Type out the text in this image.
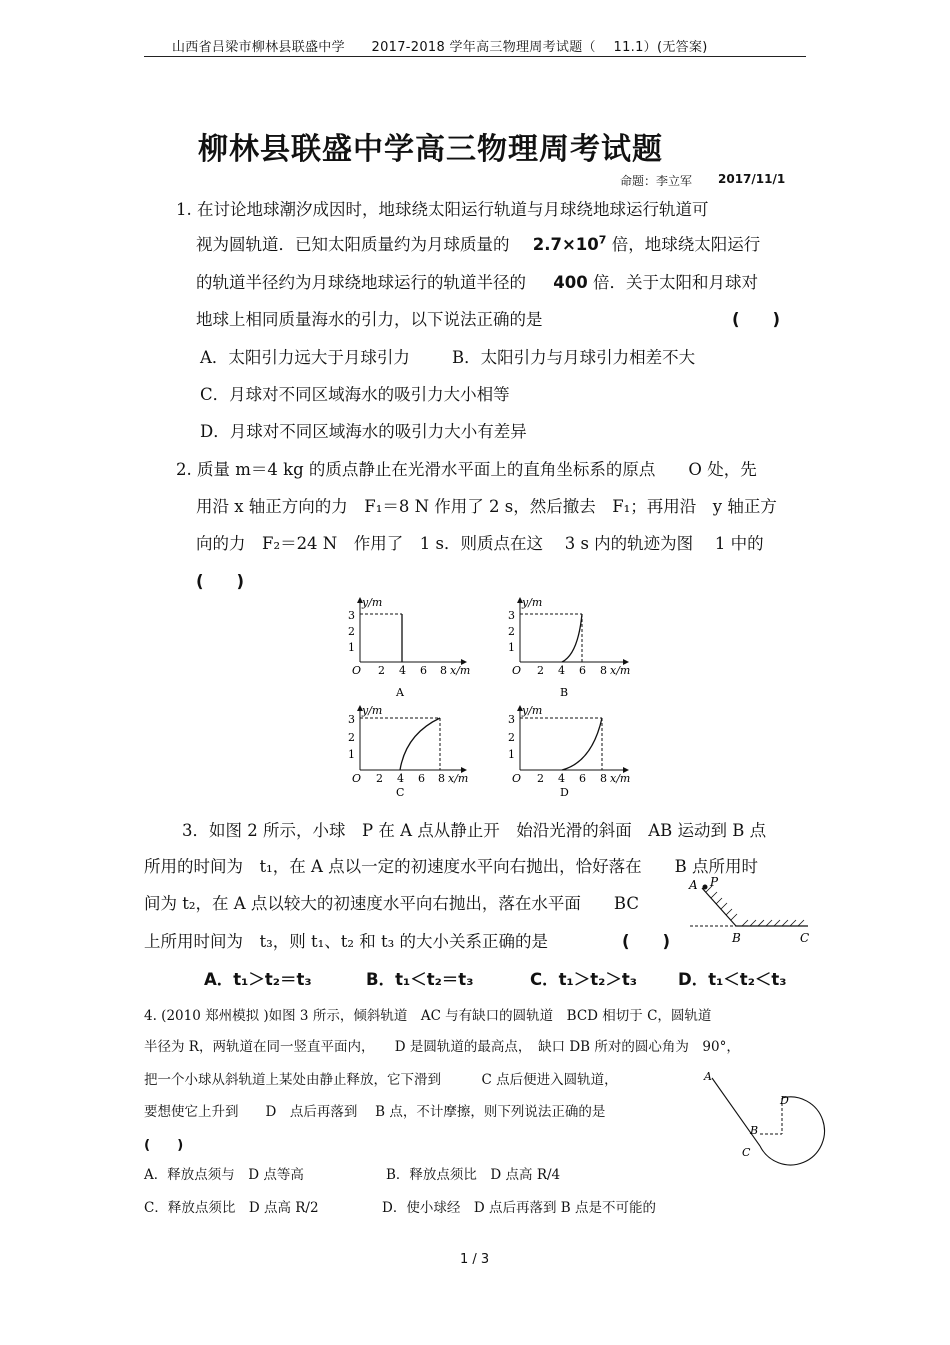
山西省吕梁市柳林县联盛中学　　2017-2018 学年高三物理周考试题（　 11.1）(无答案)
柳林县联盛中学高三物理周考试题
命题：李立军 2017/11/1
1. 在讨论地球潮汐成因时，地球绕太阳运行轨道与月球绕地球运行轨道可
视为圆轨道．已知太阳质量约为月球质量的 $2.7\times 10^7$ 倍，地球绕太阳运行
的轨道半径约为月球绕地球运行的轨道半径的 400 倍．关于太阳和月球对
地球上相同质量海水的引力，以下说法正确的是	(　　)
A．太阳引力远大于月球引力	B．太阳引力与月球引力相差不大
C．月球对不同区域海水的吸引力大小相等
D．月球对不同区域海水的吸引力大小有差异
2. 质量 m＝4 kg 的质点静止在光滑水平面上的直角坐标系的原点　　O 处，先
用沿 x 轴正方向的力　F₁＝8 N 作用了 2 s，然后撤去　F₁；再用沿　y 轴正方
向的力　F₂＝24 N　作用了　1 s．则质点在这　 3 s 内的轨迹为图　 1 中的
(　　)
3
2
1
y/m
O 2 4 6 8 x/m
A
3
2
1
y/m
O 2 4 6 8 x/m
B
3
2
1
y/m
O 2 4 6 8 x/m
C
3
2
1
y/m
O 2 4 6 8 x/m
D
3．如图 2 所示，小球　P 在 A 点从静止开　始沿光滑的斜面　AB 运动到 B 点
所用的时间为　t₁，在 A 点以一定的初速度水平向右抛出，恰好落在　　B 点所用时
间为 t₂，在 A 点以较大的初速度水平向右抛出，落在水平面　　BC
上所用时间为　t₃，则 t₁、t₂ 和 t₃ 的大小关系正确的是	(　　)
A P
B	C
A．t₁＞t₂＝t₃	B．t₁＜t₂＝t₃	C．t₁＞t₂＞t₃ D．t₁＜t₂＜t₃
4. (2010 郑州模拟 )如图 3 所示，倾斜轨道　AC 与有缺口的圆轨道　BCD 相切于 C，圆轨道
半径为 R，两轨道在同一竖直平面内，　　D 是圆轨道的最高点，　缺口 DB 所对的圆心角为　90°，
把一个小球从斜轨道上某处由静止释放，它下滑到　　　C 点后便进入圆轨道，
要想使它上升到　　D　点后再落到　 B 点，不计摩擦，则下列说法正确的是
(　　)
A
B
C
D
A．释放点须与　D 点等高	B．释放点须比　D 点高 R/4
C．释放点须比　D 点高 R/2	D．使小球经　D 点后再落到 B 点是不可能的
1 / 3
